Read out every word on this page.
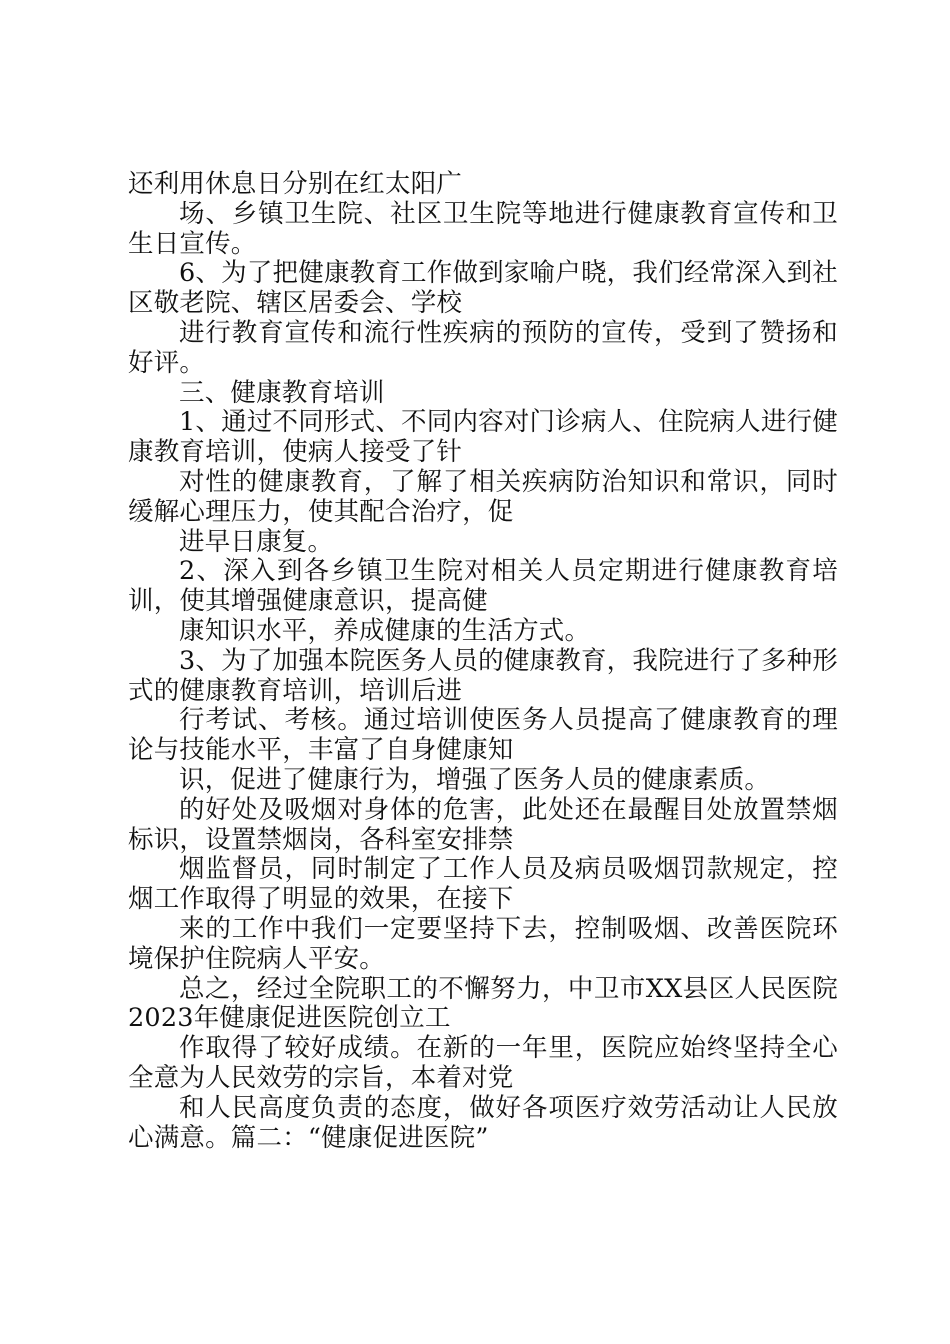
还利用休息日分别在红太阳广

场、乡镇卫生院、社区卫生院等地进行健康教育宣传和卫生日宣传。

6、为了把健康教育工作做到家喻户晓，我们经常深入到社区敬老院、辖区居委会、学校

进行教育宣传和流行性疾病的预防的宣传，受到了赞扬和好评。

三、健康教育培训

1、通过不同形式、不同内容对门诊病人、住院病人进行健康教育培训，使病人接受了针

对性的健康教育，了解了相关疾病防治知识和常识，同时缓解心理压力，使其配合治疗，促

进早日康复。

2、深入到各乡镇卫生院对相关人员定期进行健康教育培训，使其增强健康意识，提高健

康知识水平，养成健康的生活方式。

3、为了加强本院医务人员的健康教育，我院进行了多种形式的健康教育培训，培训后进

行考试、考核。通过培训使医务人员提高了健康教育的理论与技能水平，丰富了自身健康知

识，促进了健康行为，增强了医务人员的健康素质。

的好处及吸烟对身体的危害，此处还在最醒目处放置禁烟标识，设置禁烟岗，各科室安排禁

烟监督员，同时制定了工作人员及病员吸烟罚款规定，控烟工作取得了明显的效果，在接下

来的工作中我们一定要坚持下去，控制吸烟、改善医院环境保护住院病人平安。

总之，经过全院职工的不懈努力，中卫市XX县区人民医院2023年健康促进医院创立工

作取得了较好成绩。在新的一年里，医院应始终坚持全心全意为人民效劳的宗旨，本着对党

和人民高度负责的态度，做好各项医疗效劳活动让人民放心满意。篇二：“健康促进医院”
